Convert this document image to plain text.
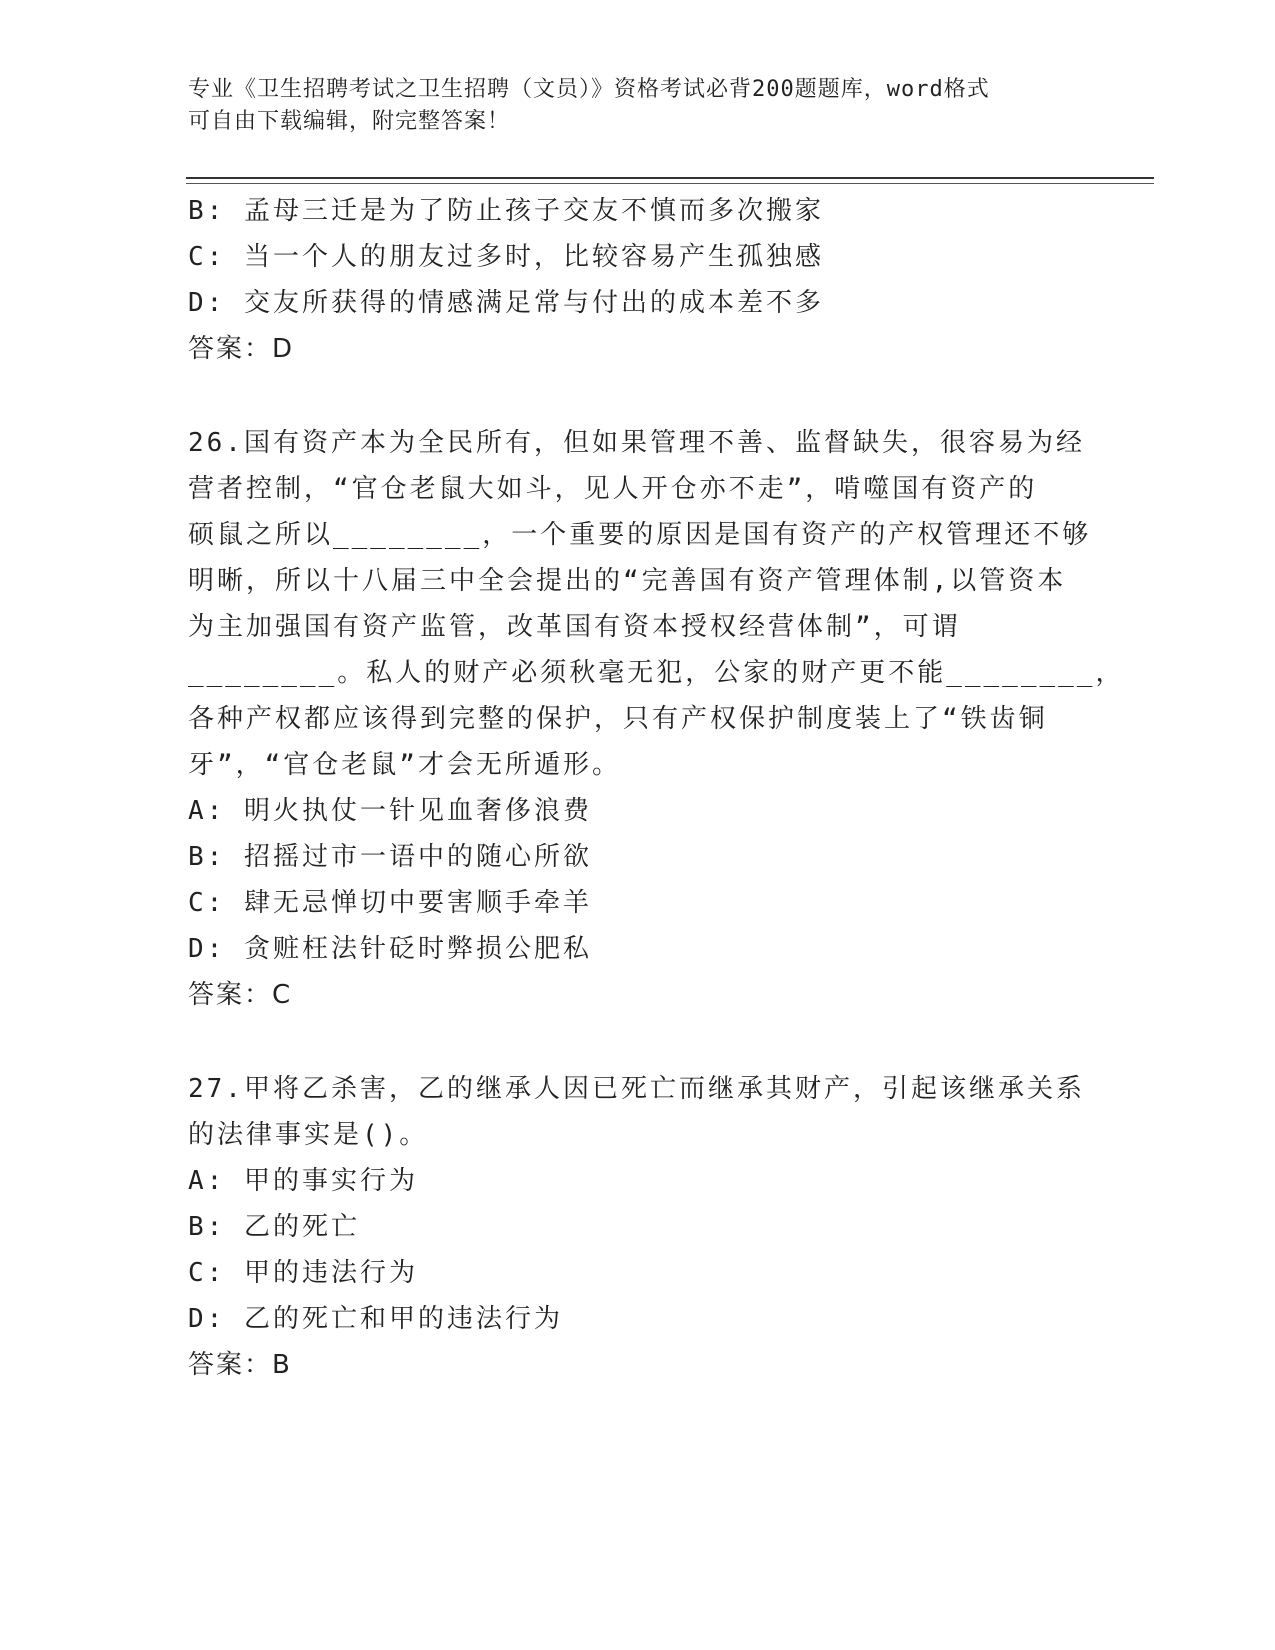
专业《卫生招聘考试之卫生招聘（文员）》资格考试必背200题题库，word格式
可自由下载编辑，附完整答案！
B: 孟母三迁是为了防止孩子交友不慎而多次搬家
C: 当一个人的朋友过多时，比较容易产生孤独感
D: 交友所获得的情感满足常与付出的成本差不多
答案：D
26.国有资产本为全民所有，但如果管理不善、监督缺失，很容易为经
营者控制，“官仓老鼠大如斗，见人开仓亦不走”，啃噬国有资产的
硕鼠之所以________，一个重要的原因是国有资产的产权管理还不够
明晰，所以十八届三中全会提出的“完善国有资产管理体制,以管资本
为主加强国有资产监管，改革国有资本授权经营体制”，可谓
________。私人的财产必须秋毫无犯，公家的财产更不能________，
各种产权都应该得到完整的保护，只有产权保护制度装上了“铁齿铜
牙”，“官仓老鼠”才会无所遁形。
A: 明火执仗一针见血奢侈浪费
B: 招摇过市一语中的随心所欲
C: 肆无忌惮切中要害顺手牵羊
D: 贪赃枉法针砭时弊损公肥私
答案：C
27.甲将乙杀害，乙的继承人因已死亡而继承其财产，引起该继承关系
的法律事实是()。
A: 甲的事实行为
B: 乙的死亡
C: 甲的违法行为
D: 乙的死亡和甲的违法行为
答案：B
